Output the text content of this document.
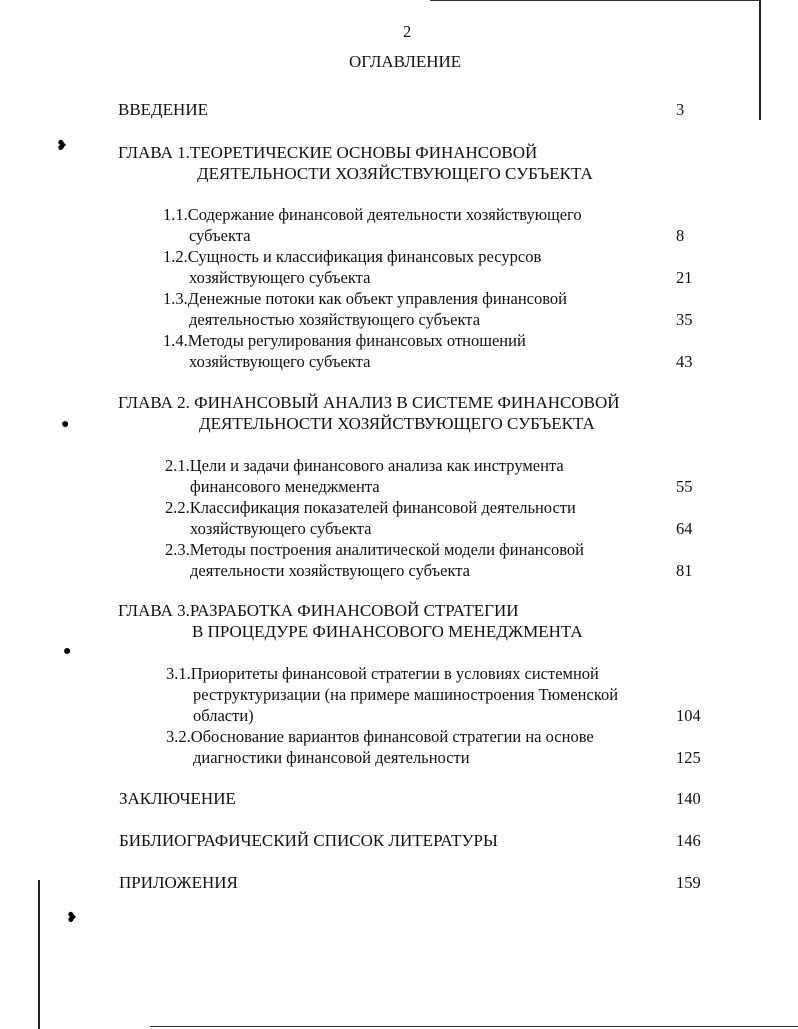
❥
●
●
❥
2
ОГЛАВЛЕНИЕ
ВВЕДЕНИЕ	3
ГЛАВА 1.ТЕОРЕТИЧЕСКИЕ ОСНОВЫ ФИНАНСОВОЙ
ДЕЯТЕЛЬНОСТИ ХОЗЯЙСТВУЮЩЕГО СУБЪЕКТА
1.1.Содержание финансовой деятельности хозяйствующего
субъекта	8
1.2.Сущность и классификация финансовых ресурсов
хозяйствующего субъекта	21
1.3.Денежные потоки как объект управления финансовой
деятельностью хозяйствующего субъекта	35
1.4.Методы регулирования финансовых отношений
хозяйствующего субъекта	43
ГЛАВА 2. ФИНАНСОВЫЙ АНАЛИЗ В СИСТЕМЕ ФИНАНСОВОЙ
ДЕЯТЕЛЬНОСТИ ХОЗЯЙСТВУЮЩЕГО СУБЪЕКТА
2.1.Цели и задачи финансового анализа как инструмента
финансового менеджмента	55
2.2.Классификация показателей финансовой деятельности
хозяйствующего субъекта	64
2.3.Методы построения аналитической модели финансовой
деятельности хозяйствующего субъекта	81
ГЛАВА 3.РАЗРАБОТКА ФИНАНСОВОЙ СТРАТЕГИИ
В ПРОЦЕДУРЕ ФИНАНСОВОГО МЕНЕДЖМЕНТА
3.1.Приоритеты финансовой стратегии в условиях системной
реструктуризации (на примере машиностроения Тюменской
области)	104
3.2.Обоснование вариантов финансовой стратегии на основе
диагностики финансовой деятельности	125
ЗАКЛЮЧЕНИЕ	140
БИБЛИОГРАФИЧЕСКИЙ СПИСОК ЛИТЕРАТУРЫ	146
ПРИЛОЖЕНИЯ	159
